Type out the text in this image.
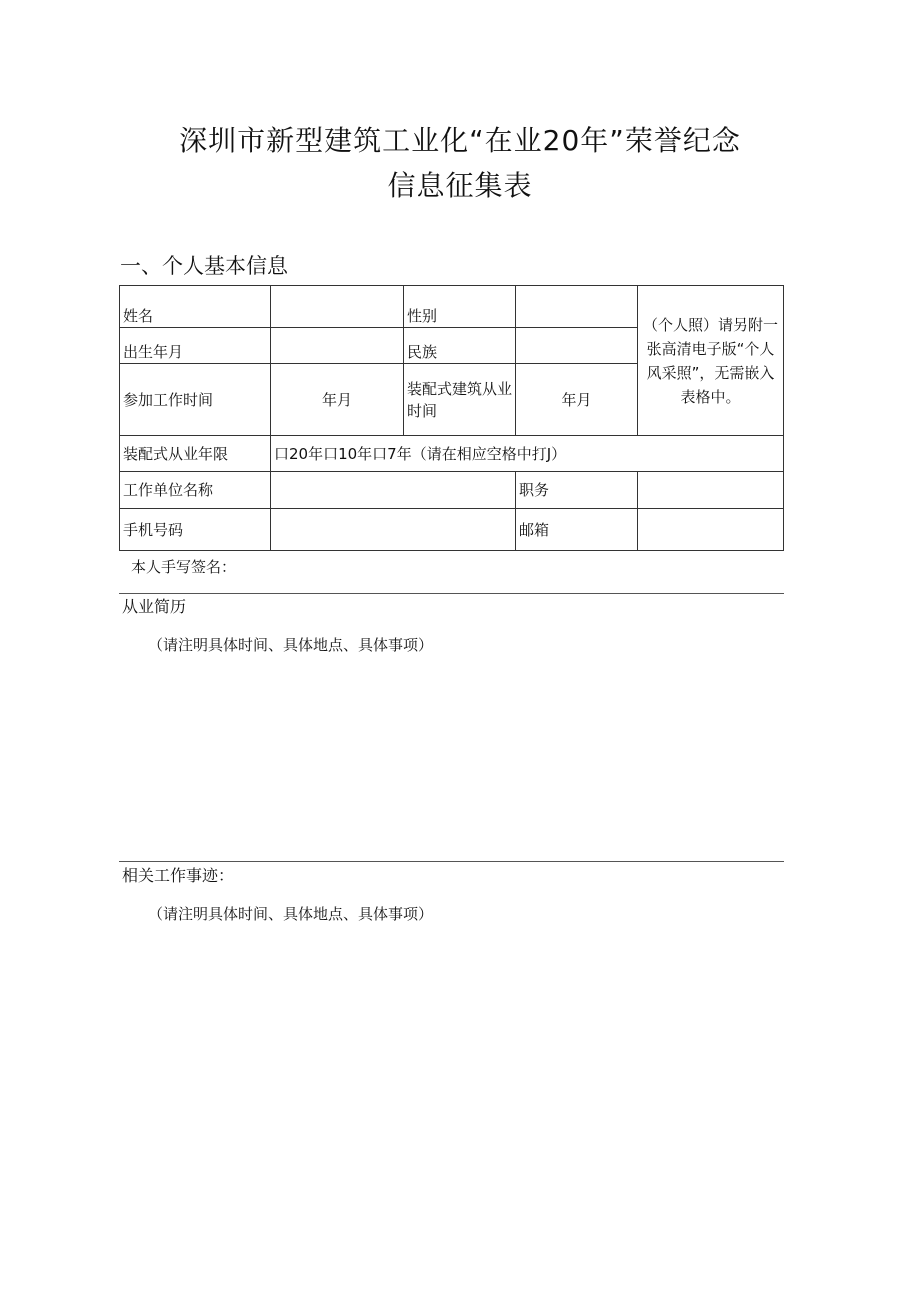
深圳市新型建筑工业化“在业20年”荣誉纪念
信息征集表
一、个人基本信息
姓名		性别		（个人照）请另附一张高清电子版“个人风采照”，无需嵌入表格中。
出生年月		民族		
参加工作时间	年月	装配式建筑从业时间	年月	
装配式从业年限	口20年口10年口7年（请在相应空格中打J）			
工作单位名称			职务	
手机号码			邮箱	
本人手写签名：
从业简历
（请注明具体时间、具体地点、具体事项）
相关工作事迹：
（请注明具体时间、具体地点、具体事项）
